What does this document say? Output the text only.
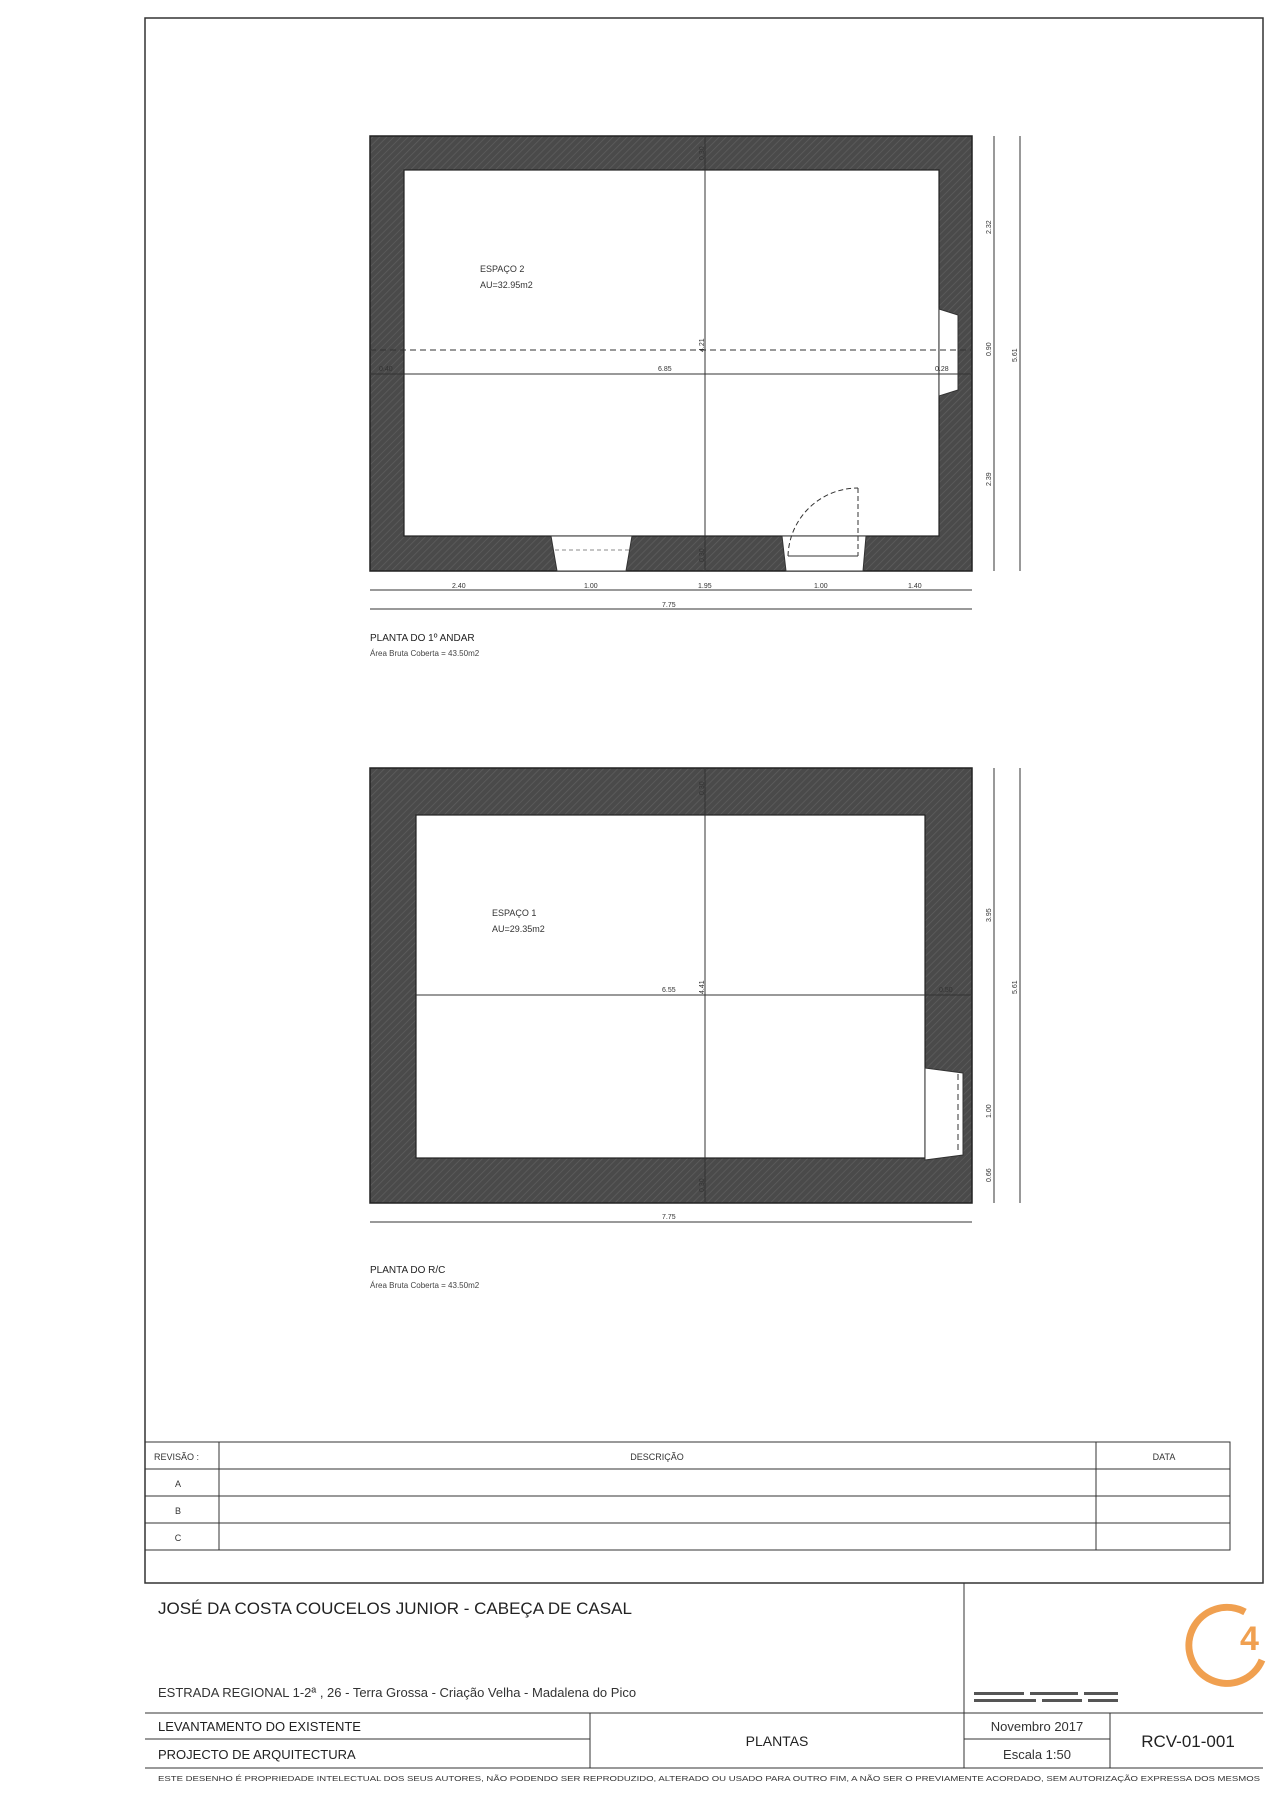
ESPAÇO 2
AU=32.95m2
6.85
0.40	0.28
4.21
0.30
0.30
2.40	1.00	1.95	1.00	1.40
7.75
2.32
0.90
2.39
5.61
PLANTA DO 1º ANDAR
Área Bruta Coberta = 43.50m2
ESPAÇO 1
AU=29.35m2
6.55	0.50
4.41
0.30
0.30
7.75
3.95
1.00
0.66
5.61
PLANTA DO R/C
Área Bruta Coberta = 43.50m2
REVISÃO :	DESCRIÇÃO	DATA
A
B
C
JOSÉ DA COSTA COUCELOS JUNIOR - CABEÇA DE CASAL
ESTRADA REGIONAL 1-2ª , 26 - Terra Grossa - Criação Velha - Madalena do Pico
LEVANTAMENTO DO EXISTENTE
PROJECTO DE ARQUITECTURA
PLANTAS
Novembro 2017
Escala 1:50
RCV-01-001
4
ESTE DESENHO É PROPRIEDADE INTELECTUAL DOS SEUS AUTORES, NÃO PODENDO SER REPRODUZIDO, ALTERADO OU USADO PARA OUTRO FIM, A NÃO SER O PREVIAMENTE ACORDADO, SEM AUTORIZAÇÃO EXPRESSA DOS MESMOS
